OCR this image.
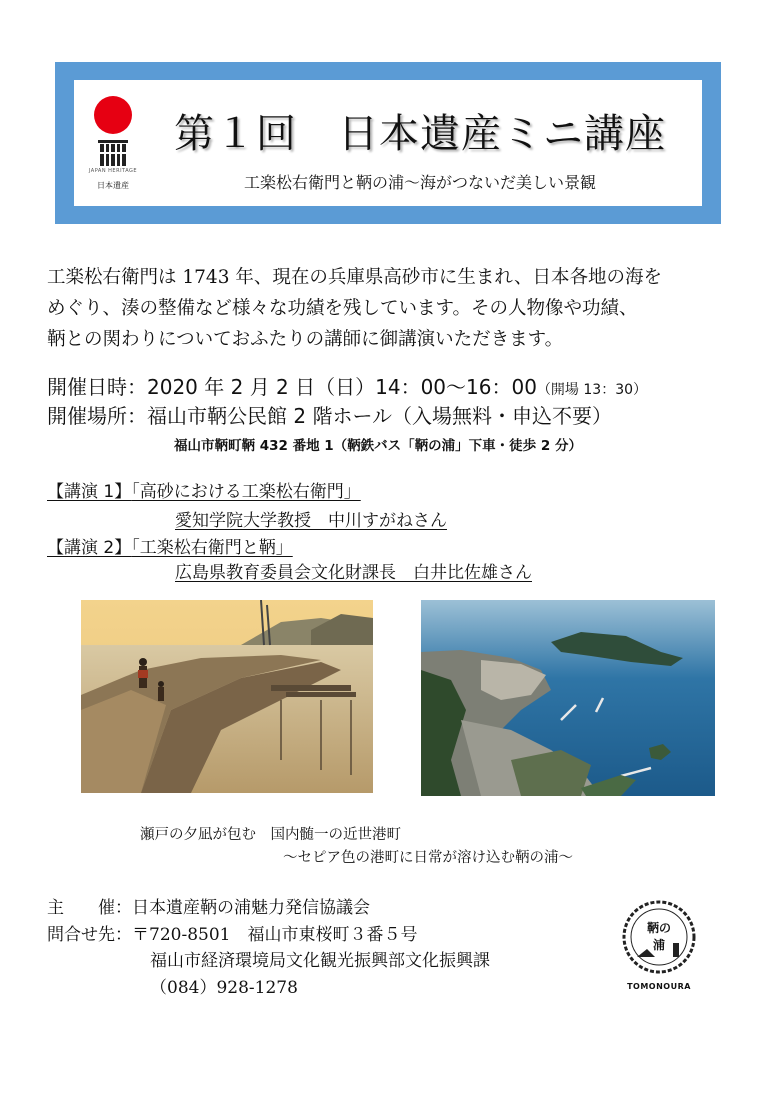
JAPAN HERITAGE
日本遺産
第１回　日本遺産ミニ講座
工楽松右衛門と鞆の浦～海がつないだ美しい景観

工楽松右衛門は 1743 年、現在の兵庫県高砂市に生まれ、日本各地の海を

めぐり、湊の整備など様々な功績を残しています。その人物像や功績、

鞆との関わりについておふたりの講師に御講演いただきます。

開催日時：2020 年 2 月 2 日（日）14：00～16：00（開場 13：30）
開催場所：福山市鞆公民館 2 階ホール（入場無料・申込不要）
福山市鞆町鞆 432 番地 1（鞆鉄バス「鞆の浦」下車・徒歩 2 分）
【講演 1】「高砂における工楽松右衛門」
愛知学院大学教授　中川すがねさん
【講演 2】「工楽松右衛門と鞆」
広島県教育委員会文化財課長　白井比佐雄さん
瀬戸の夕凪が包む　国内髄一の近世港町
～セピア色の港町に日常が溶け込む鞆の浦～
主　　催：日本遺産鞆の浦魅力発信協議会
問合せ先：〒720-8501　福山市東桜町３番５号
福山市経済環境局文化観光振興部文化振興課
（084）928-1278
鞆の
浦
TOMONOURA
